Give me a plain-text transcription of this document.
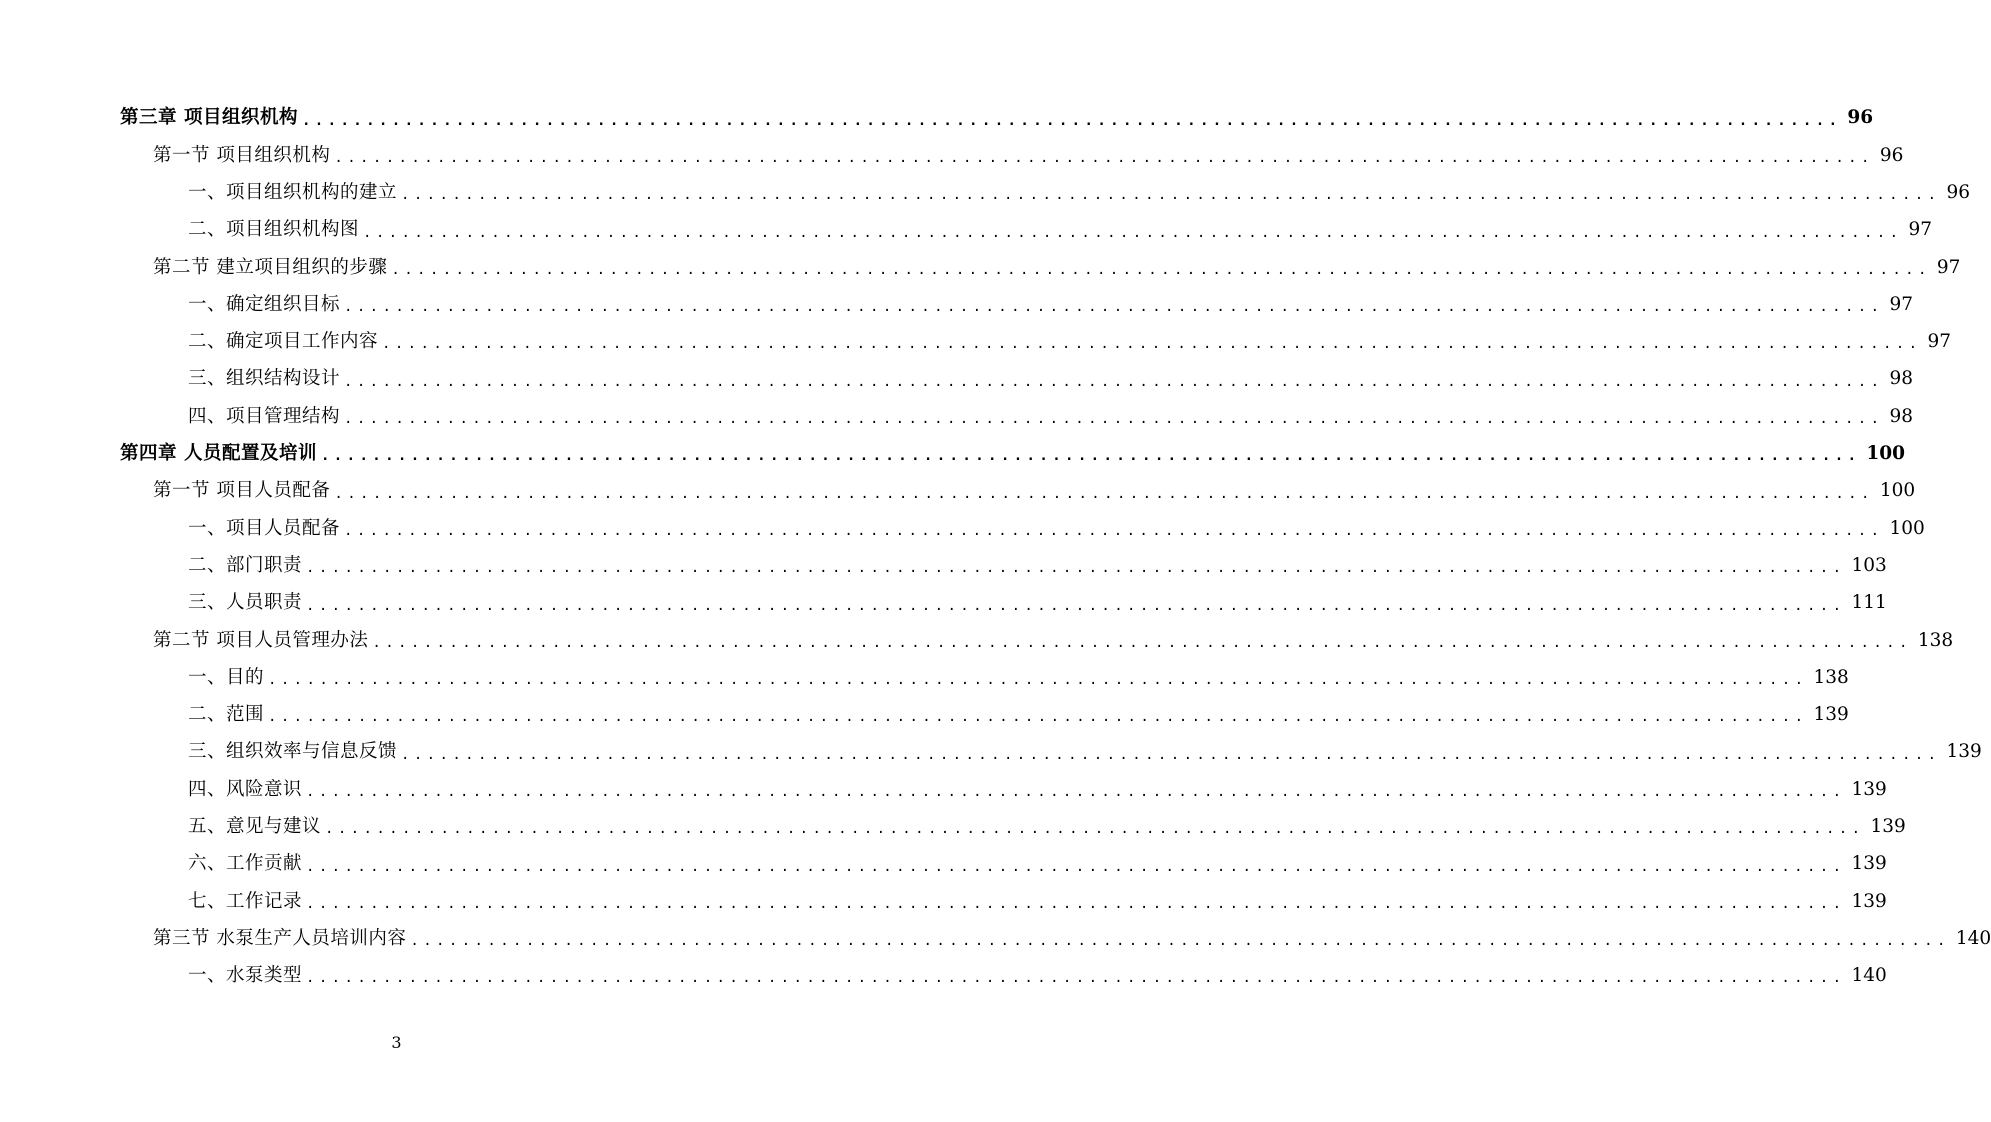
第三章 项目组织机构 ........................................................................................................................ 96
第一节 项目组织机构 ........................................................................................................................ 96
一、项目组织机构的建立 ........................................................................................................................ 96
二、项目组织机构图 ........................................................................................................................ 97
第二节 建立项目组织的步骤 ........................................................................................................................ 97
一、确定组织目标 ........................................................................................................................ 97
二、确定项目工作内容 ........................................................................................................................ 97
三、组织结构设计 ........................................................................................................................ 98
四、项目管理结构 ........................................................................................................................ 98
第四章 人员配置及培训 ........................................................................................................................ 100
第一节 项目人员配备 ........................................................................................................................ 100
一、项目人员配备 ........................................................................................................................ 100
二、部门职责 ........................................................................................................................ 103
三、人员职责 ........................................................................................................................ 111
第二节 项目人员管理办法 ........................................................................................................................ 138
一、目的 ........................................................................................................................ 138
二、范围 ........................................................................................................................ 139
三、组织效率与信息反馈 ........................................................................................................................ 139
四、风险意识 ........................................................................................................................ 139
五、意见与建议 ........................................................................................................................ 139
六、工作贡献 ........................................................................................................................ 139
七、工作记录 ........................................................................................................................ 139
第三节 水泵生产人员培训内容 ........................................................................................................................ 140
一、水泵类型 ........................................................................................................................ 140
3
